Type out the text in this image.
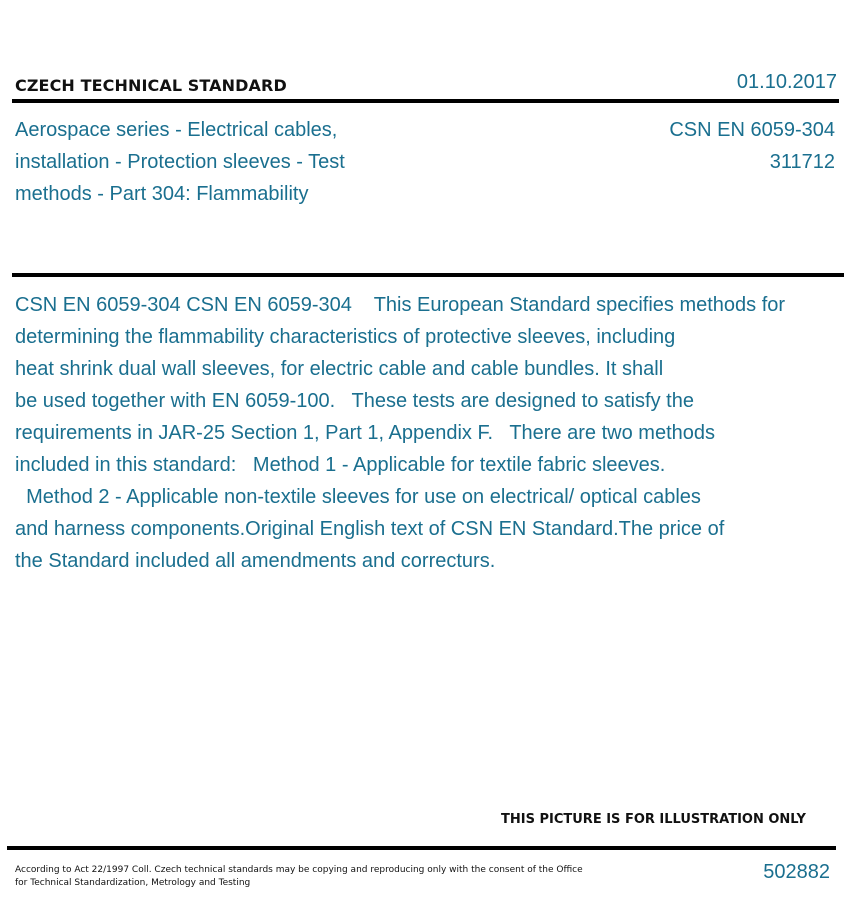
CZECH TECHNICAL STANDARD	01.10.2017
Aerospace series - Electrical cables,
installation - Protection sleeves - Test
methods - Part 304: Flammability
CSN EN 6059-304
311712
CSN EN 6059-304 CSN EN 6059-304    This European Standard specifies methods for
determining the flammability characteristics of protective sleeves, including
heat shrink dual wall sleeves, for electric cable and cable bundles. It shall
be used together with EN 6059-100.   These tests are designed to satisfy the
requirements in JAR-25 Section 1, Part 1, Appendix F.   There are two methods
included in this standard:   Method 1 - Applicable for textile fabric sleeves.
Method 2 - Applicable non-textile sleeves for use on electrical/ optical cables
and harness components.Original English text of CSN EN Standard.The price of
the Standard included all amendments and correcturs.
THIS PICTURE IS FOR ILLUSTRATION ONLY
According to Act 22/1997 Coll. Czech technical standards may be copying and reproducing only with the consent of the Office
for Technical Standardization, Metrology and Testing	502882
